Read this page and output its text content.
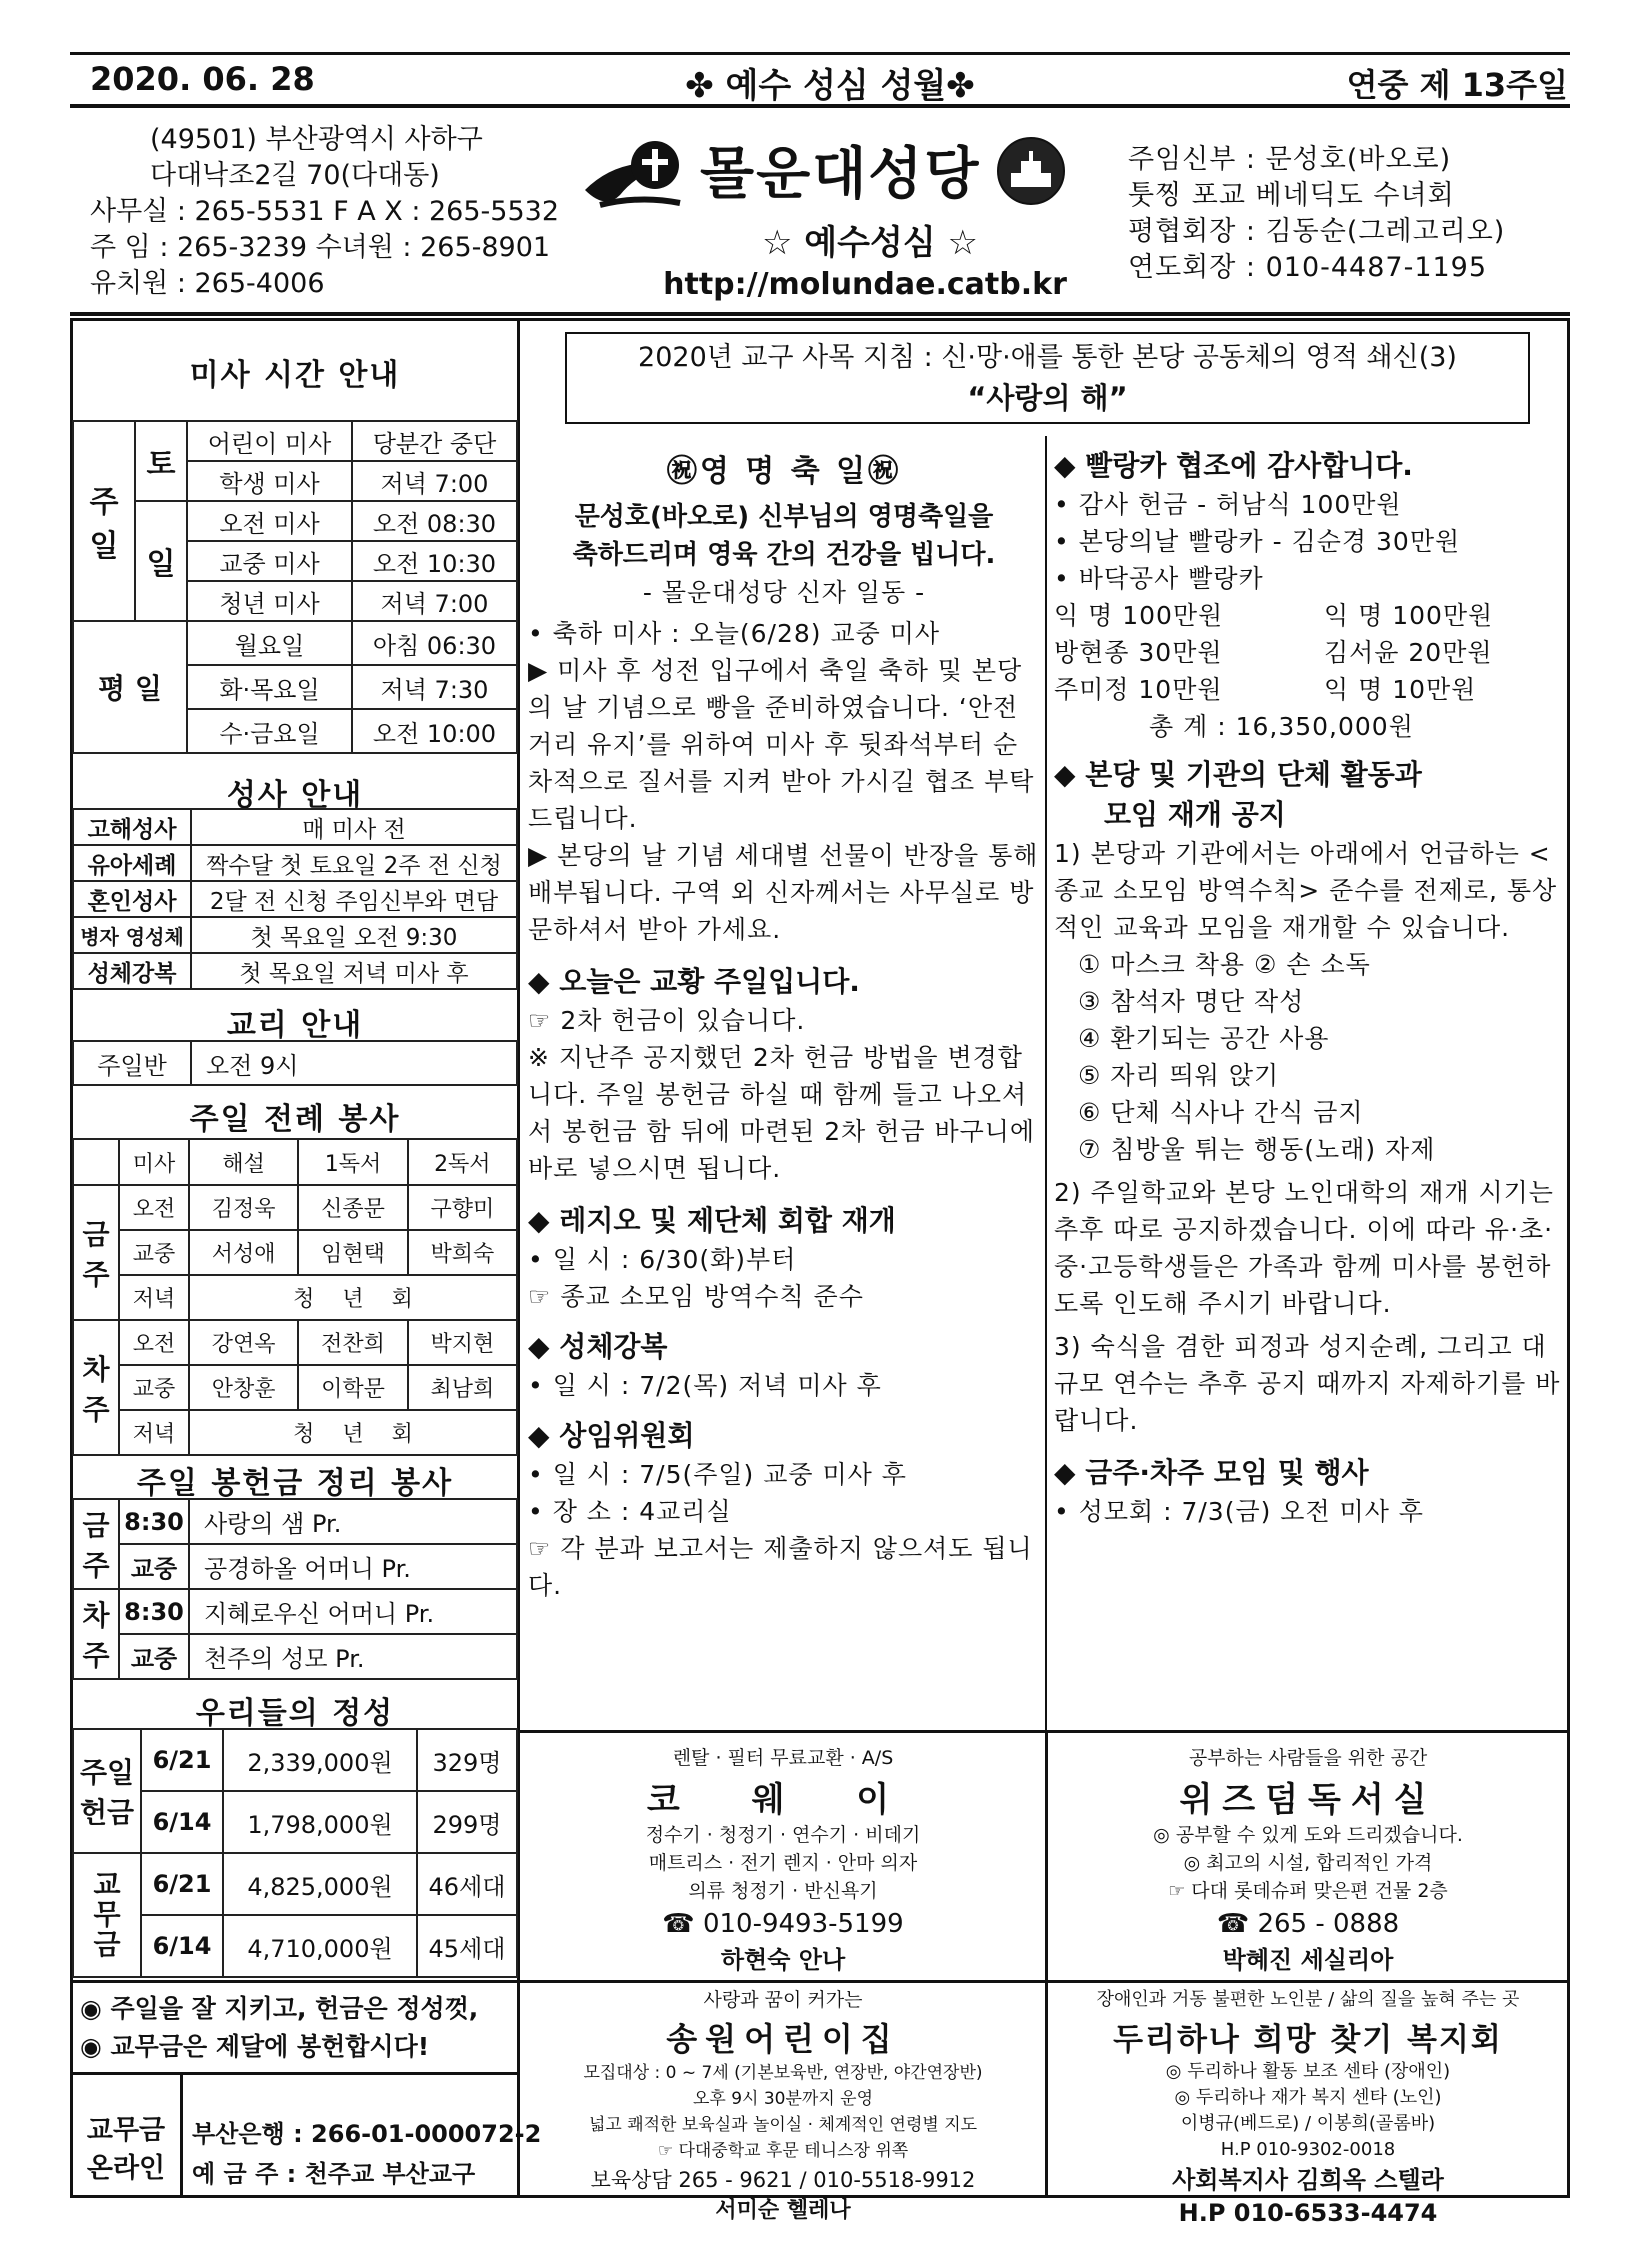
2020. 06. 28	✤ 예수 성심 성월✤	연중 제 13주일
(49501) 부산광역시 사하구
다대낙조2길 70(다대동)
사무실 : 265-5531 F A X : 265-5532
주 임 : 265-3239 수녀원 : 265-8901
유치원 : 265-4006
몰운대성당
☆ 예수성심 ☆
http://molundae.catb.kr
주임신부 : 문성호(바오로)
툿찡 포교 베네딕도 수녀회
평협회장 : 김동순(그레고리오)
연도회장 : 010-4487-1195
미사 시간 안내
주
일	토	어린이 미사	당분간 중단
		학생 미사	저녁 7:00
	일	오전 미사	오전 08:30
		교중 미사	오전 10:30
		청년 미사	저녁 7:00
평 일		월요일	아침 06:30
		화·목요일	저녁 7:30
		수·금요일	오전 10:00
성사 안내
고해성사	매 미사 전
유아세례	짝수달 첫 토요일 2주 전 신청
혼인성사	2달 전 신청 주임신부와 면담
병자 영성체	첫 목요일 오전 9:30
성체강복	첫 목요일 저녁 미사 후
교리 안내
주일반	오전 9시
주일 전례 봉사
	미사	해설	1독서	2독서
금
주	오전	김정욱	신종문	구향미
	교중	서성애	임현택	박희숙
	저녁	청    년    회		
차
주	오전	강연옥	전찬희	박지현
	교중	안창훈	이학문	최남희
	저녁	청    년    회		
주일 봉헌금 정리 봉사
금
주	8:30	사랑의 샘 Pr.
	교중	공경하올 어머니 Pr.
차
주	8:30	지혜로우신 어머니 Pr.
	교중	천주의 성모 Pr.
우리들의 정성
주일
헌금	6/21	2,339,000원	329명
	6/14	1,798,000원	299명
교
무
금	6/21	4,825,000원	46세대
	6/14	4,710,000원	45세대
◉ 주일을 잘 지키고, 헌금은 정성껏,
◉ 교무금은 제달에 봉헌합시다!
교무금
온라인
부산은행 : 266-01-000072-2
예 금 주 : 천주교 부산교구
2020년 교구 사목 지침 : 신·망·애를 통한 본당 공동체의 영적 쇄신(3)
“사랑의 해”

㊗영 명 축 일㊗

문성호(바오로) 신부님의 영명축일을

축하드리며 영육 간의 건강을 빕니다.

- 몰운대성당 신자 일동 -

• 축하 미사 : 오늘(6/28) 교중 미사

▶ 미사 후 성전 입구에서 축일 축하 및 본당의 날 기념으로 빵을 준비하였습니다. ‘안전거리 유지’를 위하여 미사 후 뒷좌석부터 순차적으로 질서를 지켜 받아 가시길 협조 부탁드립니다.

▶ 본당의 날 기념 세대별 선물이 반장을 통해 배부됩니다. 구역 외 신자께서는 사무실로 방문하셔서 받아 가세요.

◆ 오늘은 교황 주일입니다.

☞ 2차 헌금이 있습니다.

※ 지난주 공지했던 2차 헌금 방법을 변경합니다. 주일 봉헌금 하실 때 함께 들고 나오셔서 봉헌금 함 뒤에 마련된 2차 헌금 바구니에 바로 넣으시면 됩니다.

◆ 레지오 및 제단체 회합 재개

• 일 시 : 6/30(화)부터

☞ 종교 소모임 방역수칙 준수

◆ 성체강복

• 일 시 : 7/2(목) 저녁 미사 후

◆ 상임위원회

• 일 시 : 7/5(주일) 교중 미사 후

• 장 소 : 4교리실

☞ 각 분과 보고서는 제출하지 않으셔도 됩니다.

◆ 빨랑카 협조에 감사합니다.

• 감사 헌금 - 허남식 100만원

• 본당의날 빨랑카 - 김순경 30만원

• 바닥공사 빨랑카

익 명 100만원	익 명 100만원
방현종 30만원	김서윤 20만원
주미정 10만원	익 명 10만원

총 계 : 16,350,000원

◆ 본당 및 기관의 단체 활동과

모임 재개 공지

1) 본당과 기관에서는 아래에서 언급하는 <종교 소모임 방역수칙> 준수를 전제로, 통상적인 교육과 모임을 재개할 수 있습니다.

① 마스크 착용 ② 손 소독

③ 참석자 명단 작성

④ 환기되는 공간 사용

⑤ 자리 띄워 앉기

⑥ 단체 식사나 간식 금지

⑦ 침방울 튀는 행동(노래) 자제

2) 주일학교와 본당 노인대학의 재개 시기는 추후 따로 공지하겠습니다. 이에 따라 유·초·중·고등학생들은 가족과 함께 미사를 봉헌하도록 인도해 주시기 바랍니다.

3) 숙식을 겸한 피정과 성지순례, 그리고 대규모 연수는 추후 공지 때까지 자제하기를 바랍니다.

◆ 금주·차주 모임 및 행사

• 성모회 : 7/3(금) 오전 미사 후

렌탈 · 필터 무료교환 · A/S
코 웨 이
정수기 · 청정기 · 연수기 · 비데기
매트리스 · 전기 렌지 · 안마 의자
의류 청정기 · 반신욕기
☎ 010-9493-5199
하현숙 안나
공부하는 사람들을 위한 공간
위즈덤독서실
◎ 공부할 수 있게 도와 드리겠습니다.
◎ 최고의 시설, 합리적인 가격
☞ 다대 롯데슈퍼 맞은편 건물 2층
☎ 265 - 0888
박혜진 세실리아
사랑과 꿈이 커가는
송원어린이집
모집대상 : 0 ~ 7세 (기본보육반, 연장반, 야간연장반)
오후 9시 30분까지 운영
넓고 쾌적한 보육실과 놀이실 · 체계적인 연령별 지도
☞ 다대중학교 후문 테니스장 위쪽
보육상담 265 - 9621 / 010-5518-9912
서미순 헬레나
장애인과 거동 불편한 노인분 / 삶의 질을 높혀 주는 곳
두리하나 희망 찾기 복지회
◎ 두리하나 활동 보조 센타 (장애인)
◎ 두리하나 재가 복지 센타 (노인)
이병규(베드로) / 이봉희(골롬바)
H.P 010-9302-0018
사회복지사 김희옥 스텔라
H.P 010-6533-4474
